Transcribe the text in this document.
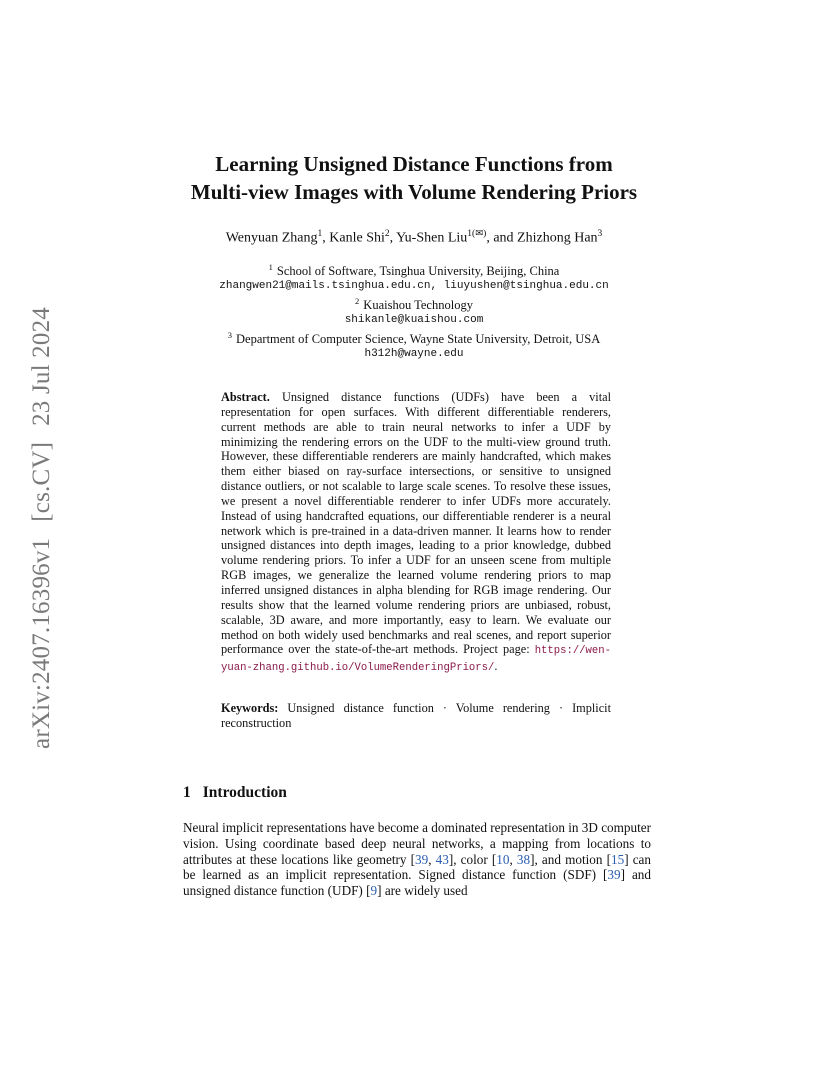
arXiv:2407.16396v1[cs.CV]23 Jul 2024
Learning Unsigned Distance Functions from
Multi-view Images with Volume Rendering Priors
Wenyuan Zhang$^1$, Kanle Shi$^2$, Yu-Shen Liu$^{1(✉)}$, and Zhizhong Han$^3$
$^1$ School of Software, Tsinghua University, Beijing, China
zhangwen21@mails.tsinghua.edu.cn, liuyushen@tsinghua.edu.cn
$^2$ Kuaishou Technology
shikanle@kuaishou.com
$^3$ Department of Computer Science, Wayne State University, Detroit, USA
h312h@wayne.edu
Abstract. Unsigned distance functions (UDFs) have been a vital representation for open surfaces. With different differentiable renderers, current methods are able to train neural networks to infer a UDF by minimizing the rendering errors on the UDF to the multi-view ground truth. However, these differentiable renderers are mainly handcrafted, which makes them either biased on ray-surface intersections, or sensitive to unsigned distance outliers, or not scalable to large scale scenes. To resolve these issues, we present a novel differentiable renderer to infer UDFs more accurately. Instead of using handcrafted equations, our differentiable renderer is a neural network which is pre-trained in a data-driven manner. It learns how to render unsigned distances into depth images, leading to a prior knowledge, dubbed volume rendering priors. To infer a UDF for an unseen scene from multiple RGB images, we generalize the learned volume rendering priors to map inferred unsigned distances in alpha blending for RGB image rendering. Our results show that the learned volume rendering priors are unbiased, robust, scalable, 3D aware, and more importantly, easy to learn. We evaluate our method on both widely used benchmarks and real scenes, and report superior performance over the state-of-the-art methods. Project page: https://wen-yuan-zhang.github.io/VolumeRenderingPriors/.
Keywords: Unsigned distance function · Volume rendering · Implicit reconstruction
1 Introduction
Neural implicit representations have become a dominated representation in 3D computer vision. Using coordinate based deep neural networks, a mapping from locations to attributes at these locations like geometry [39, 43], color [10, 38], and motion [15] can be learned as an implicit representation. Signed distance function (SDF) [39] and unsigned distance function (UDF) [9] are widely used
